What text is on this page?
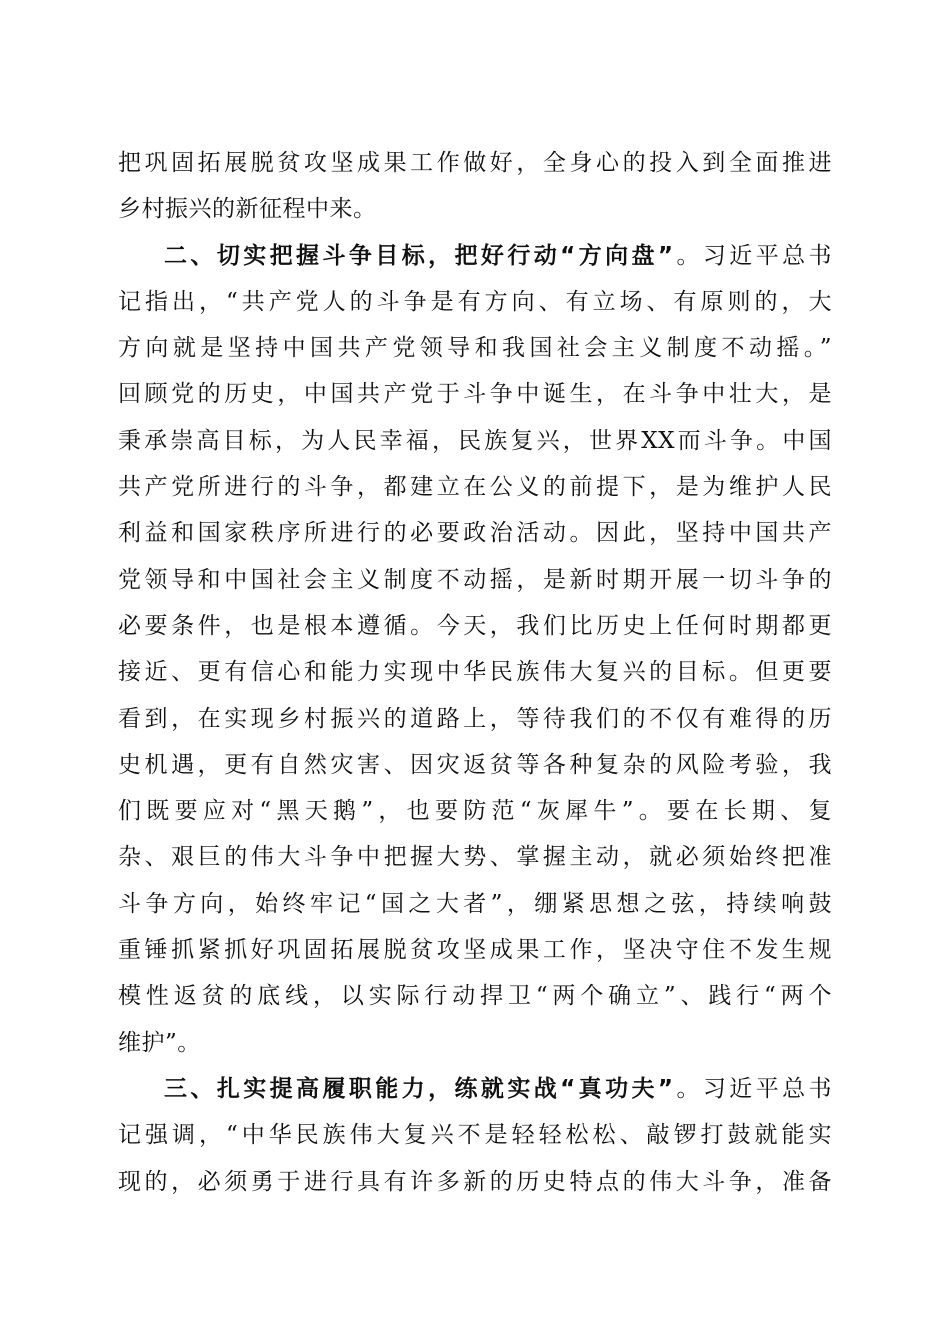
把巩固拓展脱贫攻坚成果工作做好，全身心的投入到全面推进
乡村振兴的新征程中来。
二、切实把握斗争目标，把好行动“方向盘”。习近平总书
记指出，“共产党人的斗争是有方向、有立场、有原则的，大
方向就是坚持中国共产党领导和我国社会主义制度不动摇。”
回顾党的历史，中国共产党于斗争中诞生，在斗争中壮大，是
秉承崇高目标，为人民幸福，民族复兴，世界XX而斗争。中国
共产党所进行的斗争，都建立在公义的前提下，是为维护人民
利益和国家秩序所进行的必要政治活动。因此，坚持中国共产
党领导和中国社会主义制度不动摇，是新时期开展一切斗争的
必要条件，也是根本遵循。今天，我们比历史上任何时期都更
接近、更有信心和能力实现中华民族伟大复兴的目标。但更要
看到，在实现乡村振兴的道路上，等待我们的不仅有难得的历
史机遇，更有自然灾害、因灾返贫等各种复杂的风险考验，我
们既要应对“黑天鹅”，也要防范“灰犀牛”。要在长期、复
杂、艰巨的伟大斗争中把握大势、掌握主动，就必须始终把准
斗争方向，始终牢记“国之大者”，绷紧思想之弦，持续响鼓
重锤抓紧抓好巩固拓展脱贫攻坚成果工作，坚决守住不发生规
模性返贫的底线，以实际行动捍卫“两个确立”、践行“两个
维护”。
三、扎实提高履职能力，练就实战“真功夫”。习近平总书
记强调，“中华民族伟大复兴不是轻轻松松、敲锣打鼓就能实
现的，必须勇于进行具有许多新的历史特点的伟大斗争，准备
